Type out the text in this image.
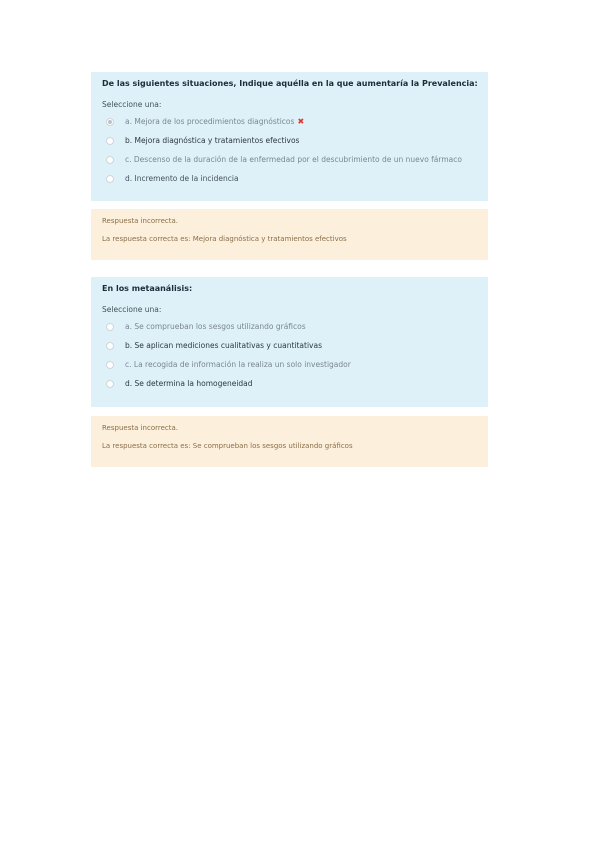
De las siguientes situaciones, Indique aquélla en la que aumentaría la Prevalencia:
Seleccione una:
a. Mejora de los procedimientos diagnósticos ✖
b. Mejora diagnóstica y tratamientos efectivos
c. Descenso de la duración de la enfermedad por el descubrimiento de un nuevo fármaco
d. Incremento de la incidencia
Respuesta incorrecta.
La respuesta correcta es: Mejora diagnóstica y tratamientos efectivos
En los metaanálisis:
Seleccione una:
a. Se comprueban los sesgos utilizando gráficos
b. Se aplican mediciones cualitativas y cuantitativas
c. La recogida de información la realiza un solo investigador
d. Se determina la homogeneidad
Respuesta incorrecta.
La respuesta correcta es: Se comprueban los sesgos utilizando gráficos
